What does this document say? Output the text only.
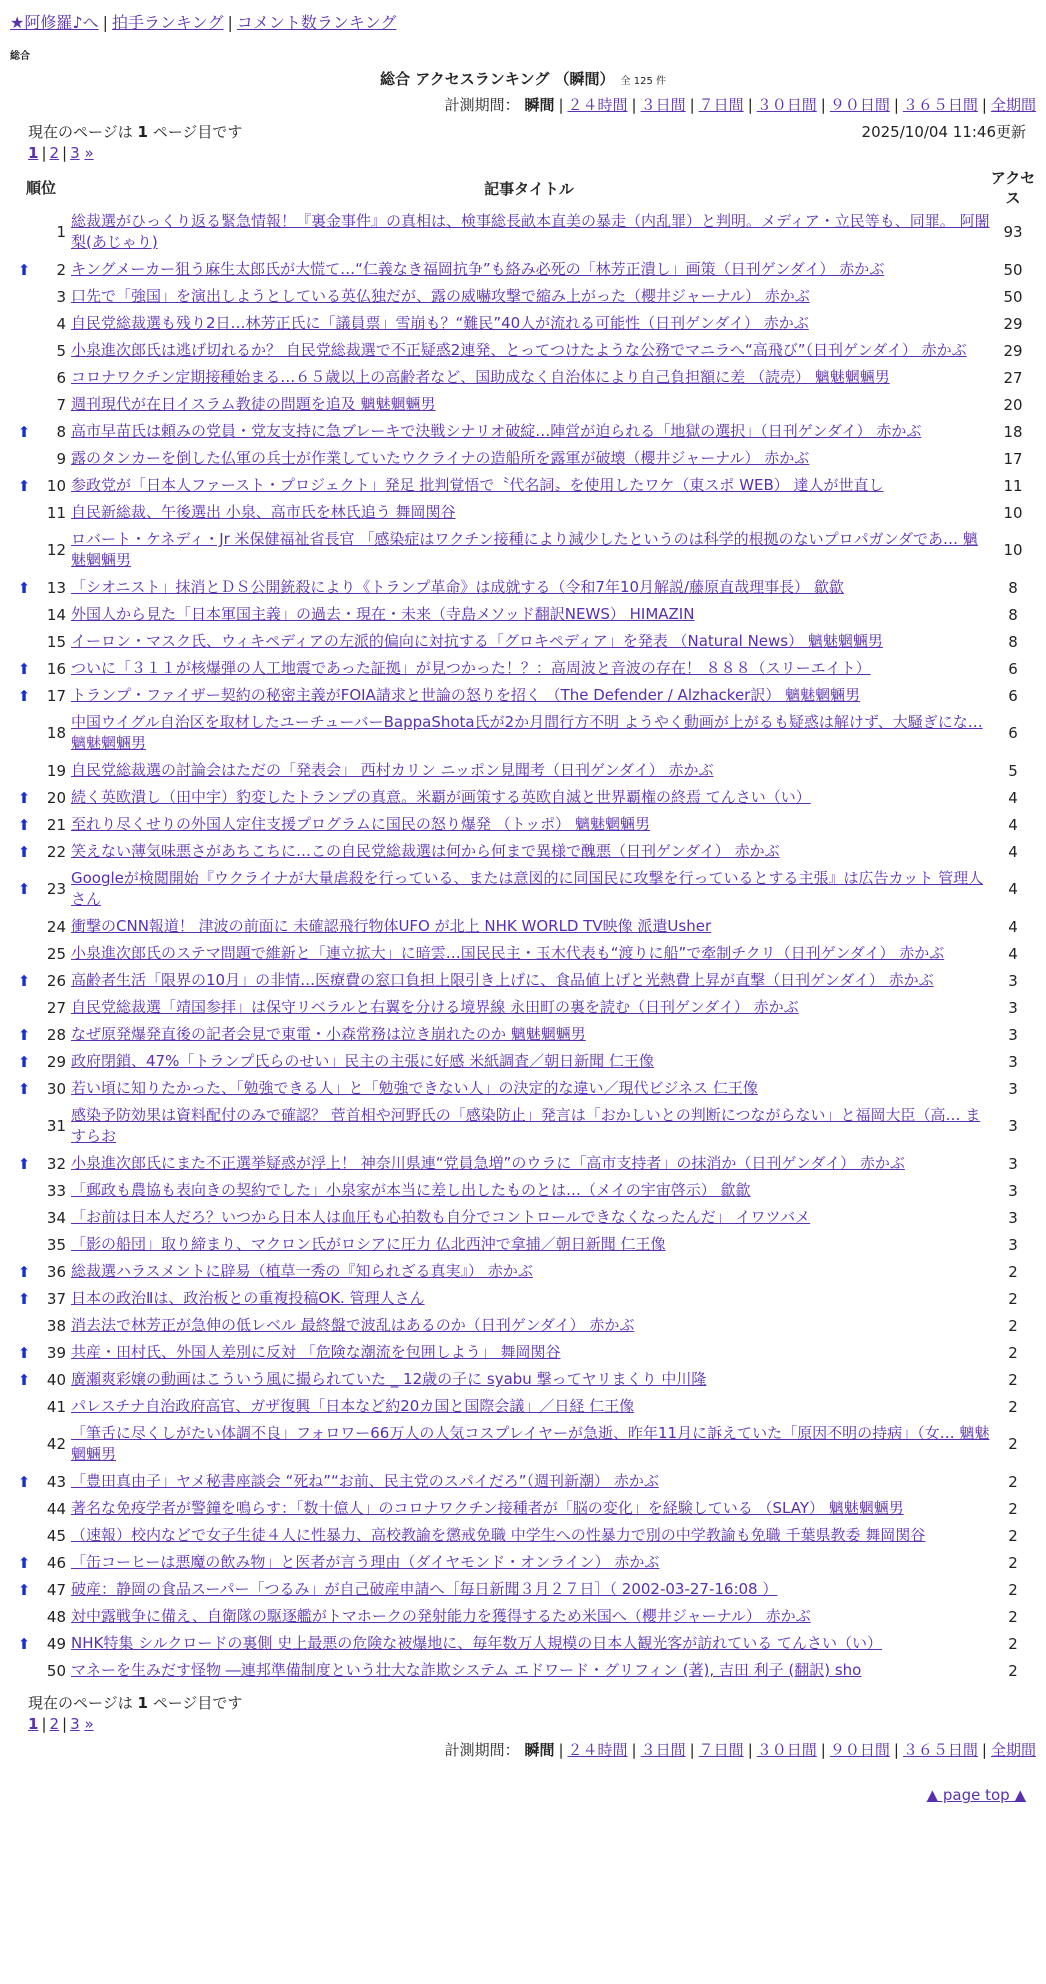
★阿修羅♪へ | 拍手ランキング | コメント数ランキング
総合
総合 アクセスランキング （瞬間） 全 125 件
計測期間： 瞬間 | ２４時間 | ３日間 | ７日間 | ３０日間 | ９０日間 | ３６５日間 | 全期間
現在のページは 1 ページ目です	2025/10/04 11:46更新
1 | 2 | 3 »
順位		記事タイトル	アクセス
	1	総裁選がひっくり返る緊急情報！『裏金事件』の真相は、検事総長畝本直美の暴走（内乱罪）と判明。メディア・立民等も、同罪。 阿闍梨(あじゃり)	93
⬆	2	キングメーカー狙う麻生太郎氏が大慌て…“仁義なき福岡抗争”も絡み必死の「林芳正潰し」画策（日刊ゲンダイ） 赤かぶ	50
	3	口先で「強国」を演出しようとしている英仏独だが、露の威嚇攻撃で縮み上がった（櫻井ジャーナル） 赤かぶ	50
	4	自民党総裁選も残り2日…林芳正氏に「議員票」雪崩も？“難民”40人が流れる可能性（日刊ゲンダイ） 赤かぶ	29
	5	小泉進次郎氏は逃げ切れるか？ 自民党総裁選で不正疑惑2連発、とってつけたような公務でマニラへ“高飛び”（日刊ゲンダイ） 赤かぶ	29
	6	コロナワクチン定期接種始まる…６５歳以上の高齢者など、国助成なく自治体により自己負担額に差 （読売） 魑魅魍魎男	27
	7	週刊現代が在日イスラム教徒の問題を追及 魑魅魍魎男	20
⬆	8	高市早苗氏は頼みの党員・党友支持に急ブレーキで決戦シナリオ破綻…陣営が迫られる「地獄の選択」（日刊ゲンダイ） 赤かぶ	18
	9	露のタンカーを倒した仏軍の兵士が作業していたウクライナの造船所を露軍が破壊（櫻井ジャーナル） 赤かぶ	17
⬆	10	参政党が「日本人ファースト・プロジェクト」発足 批判覚悟で〝代名詞〟を使用したワケ（東スポ WEB） 達人が世直し	11
	11	自民新総裁、午後選出 小泉、高市氏を林氏追う 舞岡関谷	10
	12	ロバート・ケネディ・Jr 米保健福祉省長官 「感染症はワクチン接種により減少したというのは科学的根拠のないプロパガンダであ… 魑魅魍魎男	10
⬆	13	「シオニスト」抹消とＤＳ公開銃殺により《トランプ革命》は成就する（令和7年10月解説/藤原直哉理事長） 歙歙	8
	14	外国人から見た「日本軍国主義」の過去・現在・未来（寺島メソッド翻訳NEWS） HIMAZIN	8
	15	イーロン・マスク氏、ウィキペディアの左派的偏向に対抗する「グロキペディア」を発表 （Natural News） 魑魅魍魎男	8
⬆	16	ついに「３１１が核爆弾の人工地震であった証拠」が見つかった！？：高周波と音波の存在！ ８８８（スリーエイト）	6
⬆	17	トランプ・ファイザー契約の秘密主義がFOIA請求と世論の怒りを招く （The Defender / Alzhacker訳） 魑魅魍魎男	6
	18	中国ウイグル自治区を取材したユーチューバーBappaShota氏が2か月間行方不明 ようやく動画が上がるも疑惑は解けず、大騒ぎにな… 魑魅魍魎男	6
	19	自民党総裁選の討論会はただの「発表会」 西村カリン ニッポン見聞考（日刊ゲンダイ） 赤かぶ	5
⬆	20	続く英欧潰し（田中宇）豹変したトランプの真意。米覇が画策する英欧自滅と世界覇権の終焉 てんさい（い）	4
⬆	21	至れり尽くせりの外国人定住支援プログラムに国民の怒り爆発 （トッポ） 魑魅魍魎男	4
⬆	22	笑えない薄気味悪さがあちこちに…この自民党総裁選は何から何まで異様で醜悪（日刊ゲンダイ） 赤かぶ	4
⬆	23	Googleが検閲開始『ウクライナが大量虐殺を行っている、または意図的に同国民に攻撃を行っているとする主張』は広告カット 管理人さん	4
	24	衝撃のCNN報道！ 津波の前面に 未確認飛行物体UFO が北上 NHK WORLD TV映像 派遣Usher	4
	25	小泉進次郎氏のステマ問題で維新と「連立拡大」に暗雲…国民民主・玉木代表も“渡りに船”で牽制チクリ（日刊ゲンダイ） 赤かぶ	4
⬆	26	高齢者生活「限界の10月」の非情…医療費の窓口負担上限引き上げに、食品値上げと光熱費上昇が直撃（日刊ゲンダイ） 赤かぶ	3
	27	自民党総裁選「靖国参拝」は保守リベラルと右翼を分ける境界線 永田町の裏を読む（日刊ゲンダイ） 赤かぶ	3
⬆	28	なぜ原発爆発直後の記者会見で東電・小森常務は泣き崩れたのか 魑魅魍魎男	3
⬆	29	政府閉鎖、47%「トランプ氏らのせい」民主の主張に好感 米紙調査／朝日新聞 仁王像	3
⬆	30	若い頃に知りたかった、「勉強できる人」と「勉強できない人」の決定的な違い／現代ビジネス 仁王像	3
	31	感染予防効果は資料配付のみで確認？ 菅首相や河野氏の「感染防止」発言は「おかしいとの判断につながらない」と福岡大臣（高… ますらお	3
⬆	32	小泉進次郎氏にまた不正選挙疑惑が浮上！ 神奈川県連“党員急増”のウラに「高市支持者」の抹消か（日刊ゲンダイ） 赤かぶ	3
	33	「郵政も農協も表向きの契約でした」小泉家が本当に差し出したものとは…（メイの宇宙啓示） 歙歙	3
	34	「お前は日本人だろ？いつから日本人は血圧も心拍数も自分でコントロールできなくなったんだ」 イワツバメ	3
	35	「影の船団」取り締まり、マクロン氏がロシアに圧力 仏北西沖で拿捕／朝日新聞 仁王像	3
⬆	36	総裁選ハラスメントに辟易（植草一秀の『知られざる真実』） 赤かぶ	2
⬆	37	日本の政治Ⅱは、政治板との重複投稿OK. 管理人さん	2
	38	消去法で林芳正が急伸の低レベル 最終盤で波乱はあるのか（日刊ゲンダイ） 赤かぶ	2
⬆	39	共産・田村氏、外国人差別に反対 「危険な潮流を包囲しよう」 舞岡関谷	2
⬆	40	廣瀬爽彩嬢の動画はこういう風に撮られていた _ 12歳の子に syabu 撃ってヤリまくり 中川隆	2
	41	パレスチナ自治政府高官、ガザ復興「日本など約20カ国と国際会議」／日経 仁王像	2
	42	「筆舌に尽くしがたい体調不良」フォロワー66万人の人気コスプレイヤーが急逝、昨年11月に訴えていた「原因不明の持病」（女… 魑魅魍魎男	2
⬆	43	「豊田真由子」ヤメ秘書座談会 “死ね”“お前、民主党のスパイだろ”（週刊新潮） 赤かぶ	2
	44	著名な免疫学者が警鐘を鳴らす：「数十億人」のコロナワクチン接種者が「脳の変化」を経験している （SLAY） 魑魅魍魎男	2
	45	（速報）校内などで女子生徒４人に性暴力、高校教諭を懲戒免職 中学生への性暴力で別の中学教諭も免職 千葉県教委 舞岡関谷	2
⬆	46	「缶コーヒーは悪魔の飲み物」と医者が言う理由（ダイヤモンド・オンライン） 赤かぶ	2
⬆	47	破産：静岡の食品スーパー「つるみ」が自己破産申請へ［毎日新聞３月２７日］（ 2002-03-27-16:08 ）	2
	48	対中露戦争に備え、自衛隊の駆逐艦がトマホークの発射能力を獲得するため米国へ（櫻井ジャーナル） 赤かぶ	2
⬆	49	NHK特集 シルクロードの裏側 史上最悪の危険な被爆地に、毎年数万人規模の日本人観光客が訪れている てんさい（い）	2
	50	マネーを生みだす怪物 ―連邦準備制度という壮大な詐欺システム エドワード・グリフィン (著), 吉田 利子 (翻訳) sho	2
現在のページは 1 ページ目です
1 | 2 | 3 »
計測期間： 瞬間 | ２４時間 | ３日間 | ７日間 | ３０日間 | ９０日間 | ３６５日間 | 全期間
▲ page top ▲
